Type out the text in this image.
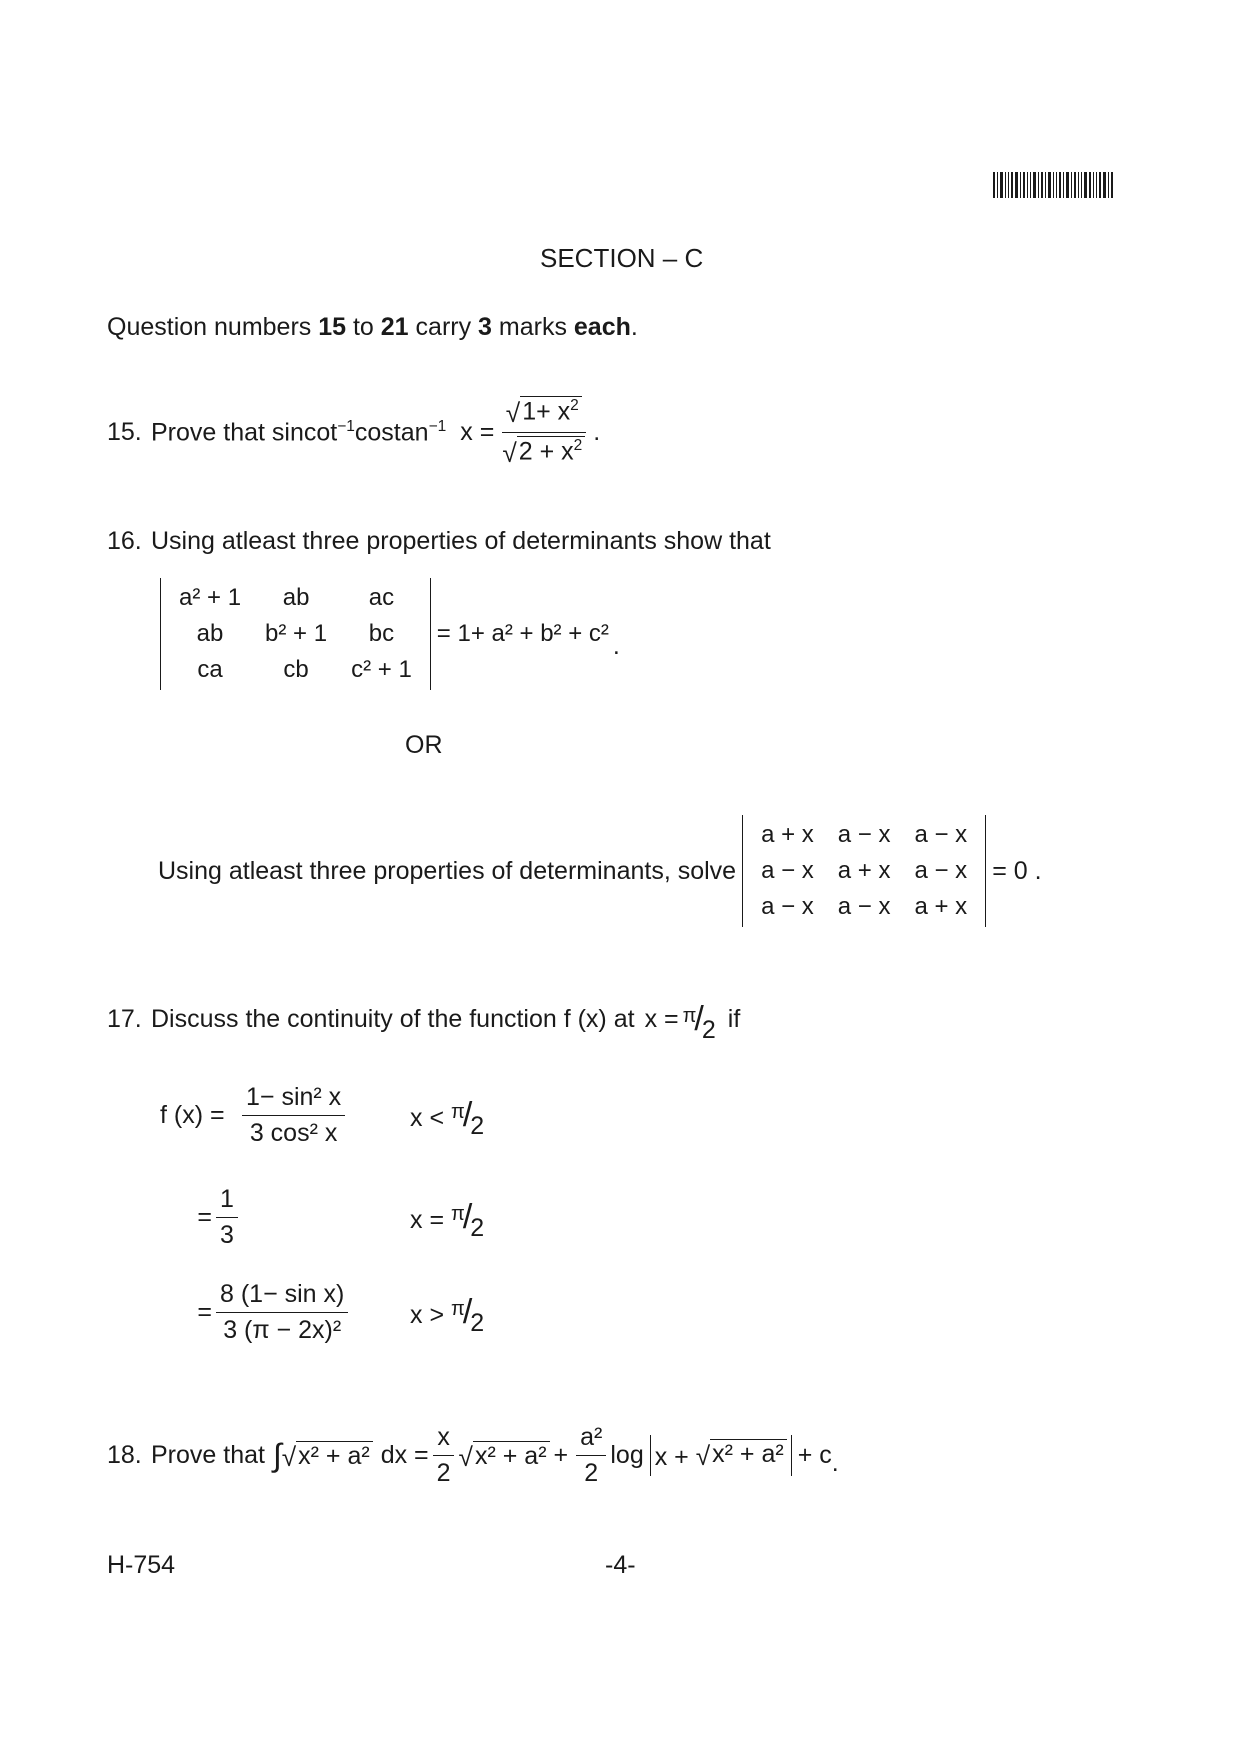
SECTION – C
Question numbers 15 to 21 carry 3 marks each.
15. Prove that sincot$^{-1}$costan$^{-1}$ $x = \frac{√ 1+ x^2}{√ 2 + x^2}$ .
16. Using atleast three properties of determinants show that
a² + 1	ab	ac
ab	b² + 1	bc
ca	cb	c² + 1
= 1+ a² + b² + c² .
OR
Using atleast three properties of determinants, solve
a + x	a − x	a − x
a − x	a + x	a − x
a − x	a − x	a + x
= 0 .
17. Discuss the continuity of the function f (x) at x = $^\pi$/2 if
f $(x) = \frac{\text{1− sin² x}}{\text{3 cos² x}}$	x < $^\pi$/2
= $\frac{1}{3}$	x = $^\pi$/2
= $\frac{\text{8 (1− sin x)}}{\text{3 (π − 2x)²}}$ x > $^\pi$/2
18. Prove that ∫ √ x² + a² dx = $\frac{x}{2}$ √ $x^2 + a^2 + \frac{\text{a²}}{2}$ log x + √ x² + a² + c .
H-754	-4-
